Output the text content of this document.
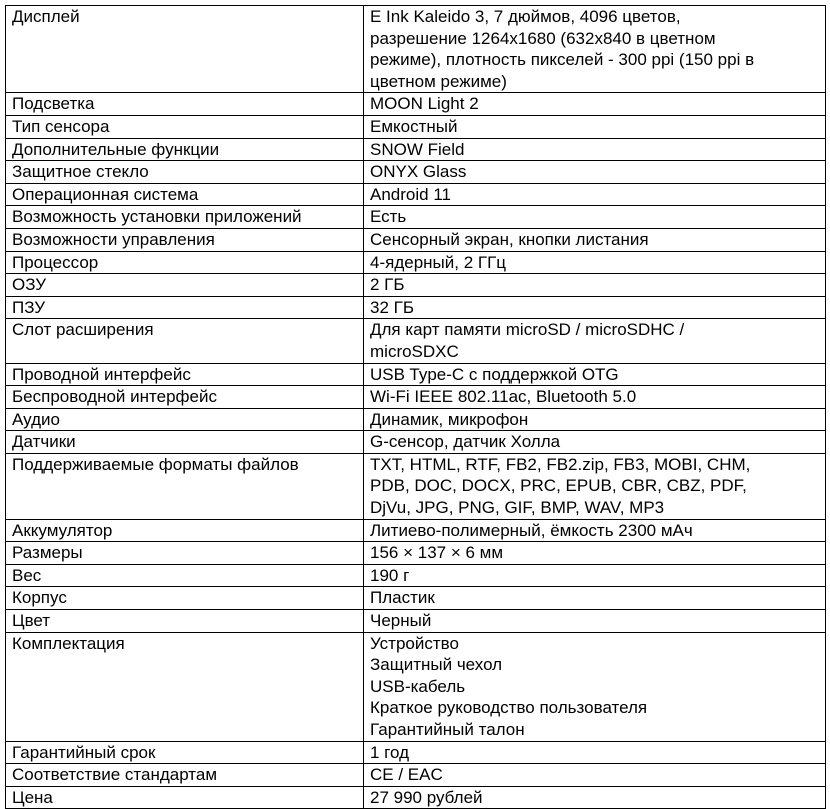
Дисплей	E Ink Kaleido 3, 7 дюймов, 4096 цветов,
разрешение 1264x1680 (632x840 в цветном
режиме), плотность пикселей - 300 ppi (150 ppi в
цветном режиме)

Подсветка	MOON Light 2

Тип сенсора	Емкостный

Дополнительные функции	SNOW Field

Защитное стекло	ONYX Glass

Операционная система	Android 11

Возможность установки приложений	Есть

Возможности управления	Сенсорный экран, кнопки листания

Процессор	4-ядерный, 2 ГГц

ОЗУ	2 ГБ

ПЗУ	32 ГБ

Слот расширения	Для карт памяти microSD / microSDHC /
microSDXC

Проводной интерфейс	USB Type-C с поддержкой OTG

Беспроводной интерфейс	Wi-Fi IEEE 802.11ac, Bluetooth 5.0

Аудио	Динамик, микрофон

Датчики	G-сенсор, датчик Холла

Поддерживаемые форматы файлов	TXT, HTML, RTF, FB2, FB2.zip, FB3, MOBI, CHM,
PDB, DOC, DOCX, PRC, EPUB, CBR, CBZ, PDF,
DjVu, JPG, PNG, GIF, BMP, WAV, MP3

Аккумулятор	Литиево-полимерный, ёмкость 2300 мАч

Размеры	156 × 137 × 6 мм

Вес	190 г

Корпус	Пластик

Цвет	Черный

Комплектация	Устройство
Защитный чехол
USB-кабель
Краткое руководство пользователя
Гарантийный талон

Гарантийный срок	1 год

Соответствие стандартам	CE / EAC

Цена	27 990 рублей
